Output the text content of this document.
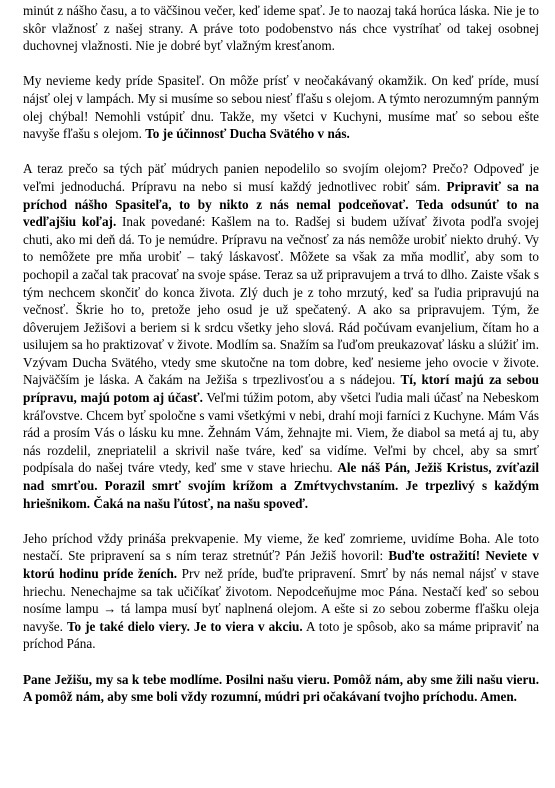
minút z nášho času, a to väčšinou večer, keď ideme spať. Je to naozaj taká horúca láska. Nie je to skôr vlažnosť z našej strany. A práve toto podobenstvo nás chce vystríhať od takej osobnej duchovnej vlažnosti. Nie je dobré byť vlažným kresťanom.

My nevieme kedy príde Spasiteľ. On môže prísť v neočakávaný okamžik. On keď príde, musí nájsť olej v lampách. My si musíme so sebou niesť fľašu s olejom. A týmto nerozumným panným olej chýbal! Nemohli vstúpiť dnu. Takže, my všetci v Kuchyni, musíme mať so sebou ešte navyše fľašu s olejom. To je účinnosť Ducha Svätého v nás.

A teraz prečo sa tých päť múdrych panien nepodelilo so svojím olejom? Prečo? Odpoveď je veľmi jednoduchá. Prípravu na nebo si musí každý jednotlivec robiť sám. Pripraviť sa na príchod nášho Spasiteľa, to by nikto z nás nemal podceňovať. Teda odsunúť to na vedľajšiu koľaj. Inak povedané: Kašlem na to. Radšej si budem užívať života podľa svojej chuti, ako mi deň dá. To je nemúdre. Prípravu na večnosť za nás nemôže urobiť niekto druhý. Vy to nemôžete pre mňa urobiť – taký láskavosť. Môžete sa však za mňa modliť, aby som to pochopil a začal tak pracovať na svoje spáse. Teraz sa už pripravujem a trvá to dlho. Zaiste však s tým nechcem skončiť do konca života. Zlý duch je z toho mrzutý, keď sa ľudia pripravujú na večnosť. Škrie ho to, pretože jeho osud je už spečatený. A ako sa pripravujem. Tým, že dôverujem Ježišovi a beriem si k srdcu všetky jeho slová. Rád počúvam evanjelium, čítam ho a usilujem sa ho praktizovať v živote. Modlím sa. Snažím sa ľuďom preukazovať lásku a slúžiť im. Vzývam Ducha Svätého, vtedy sme skutočne na tom dobre, keď nesieme jeho ovocie v živote. Najväčším je láska. A čakám na Ježiša s trpezlivosťou a s nádejou. Tí, ktorí majú za sebou prípravu, majú potom aj účasť. Veľmi túžim potom, aby všetci ľudia mali účasť na Nebeskom kráľovstve. Chcem byť spoločne s vami všetkými v nebi, drahí moji farníci z Kuchyne. Mám Vás rád a prosím Vás o lásku ku mne. Žehnám Vám, žehnajte mi. Viem, že diabol sa metá aj tu, aby nás rozdelil, znepriatelil a skrivil naše tváre, keď sa vidíme. Veľmi by chcel, aby sa smrť podpísala do našej tváre vtedy, keď sme v stave hriechu. Ale náš Pán, Ježiš Kristus, zvíťazil nad smrťou. Porazil smrť svojím krížom a Zmŕtvychvstaním. Je trpezlivý s každým hriešnikom. Čaká na našu ľútosť, na našu spoveď.

Jeho príchod vždy prináša prekvapenie. My vieme, že keď zomrieme, uvidíme Boha. Ale toto nestačí. Ste pripravení sa s ním teraz stretnúť? Pán Ježiš hovoril: Buďte ostražití! Neviete v ktorú hodinu príde ženích. Prv než príde, buďte pripravení. Smrť by nás nemal nájsť v stave hriechu. Nenechajme sa tak učičíkať životom. Nepodceňujme moc Pána. Nestačí keď so sebou nosíme lampu → tá lampa musí byť naplnená olejom. A ešte si zo sebou zoberme fľašku oleja navyše. To je také dielo viery. Je to viera v akciu. A toto je spôsob, ako sa máme pripraviť na príchod Pána.

Pane Ježišu, my sa k tebe modlíme. Posilni našu vieru. Pomôž nám, aby sme žili našu vieru. A pomôž nám, aby sme boli vždy rozumní, múdri pri očakávaní tvojho príchodu. Amen.
